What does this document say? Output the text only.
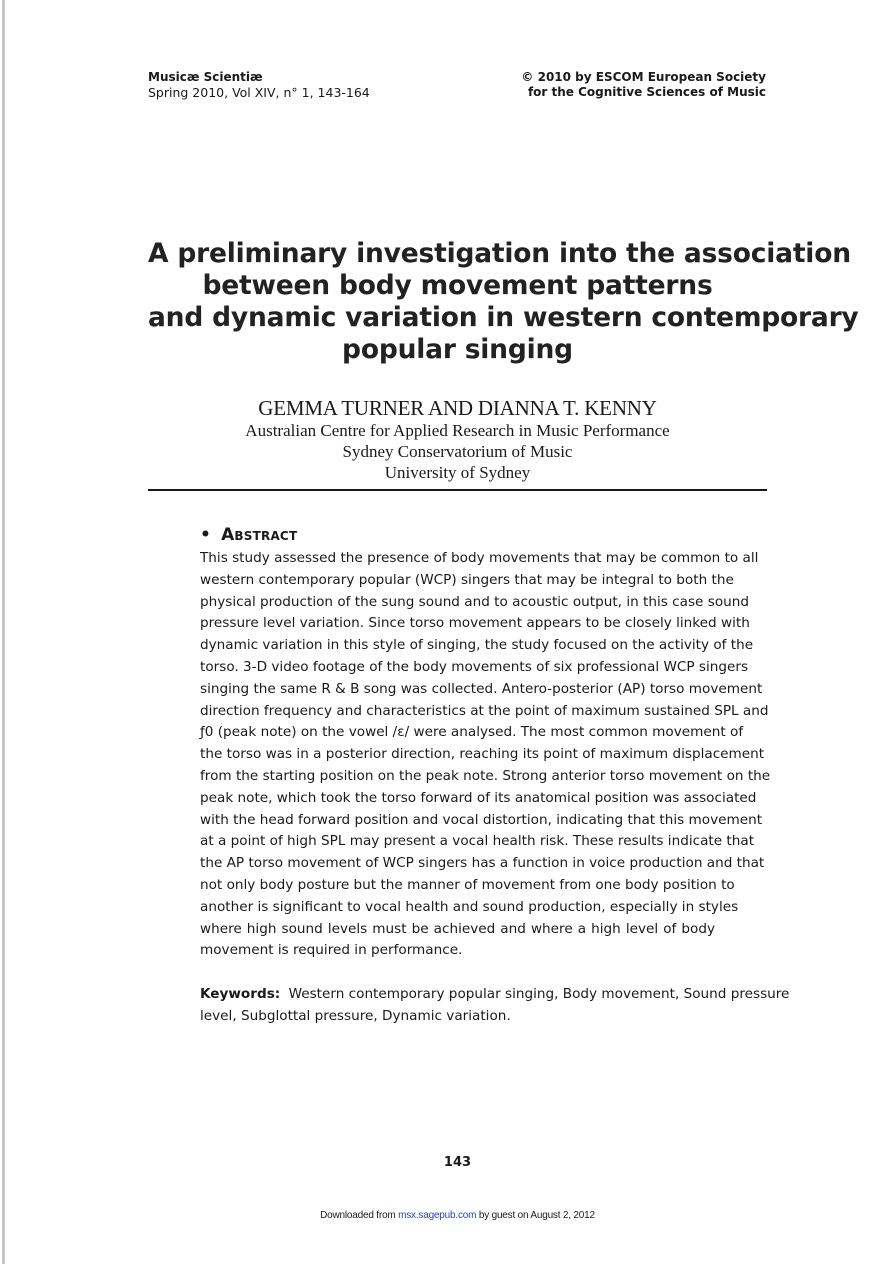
Musicæ Scientiæ
Spring 2010, Vol XIV, n° 1, 143-164
© 2010 by ESCOM European Society
for the Cognitive Sciences of Music
A preliminary investigation into the association
between body movement patterns
and dynamic variation in western contemporary
popular singing
GEMMA TURNER AND DIANNA T. KENNY
Australian Centre for Applied Research in Music Performance
Sydney Conservatorium of Music
University of Sydney
• Abstract
This study assessed the presence of body movements that may be common to all
western contemporary popular (WCP) singers that may be integral to both the
physical production of the sung sound and to acoustic output, in this case sound
pressure level variation. Since torso movement appears to be closely linked with
dynamic variation in this style of singing, the study focused on the activity of the
torso. 3-D video footage of the body movements of six professional WCP singers
singing the same R & B song was collected. Antero-posterior (AP) torso movement
direction frequency and characteristics at the point of maximum sustained SPL and
ƒ0 (peak note) on the vowel /ε/ were analysed. The most common movement of
the torso was in a posterior direction, reaching its point of maximum displacement
from the starting position on the peak note. Strong anterior torso movement on the
peak note, which took the torso forward of its anatomical position was associated
with the head forward position and vocal distortion, indicating that this movement
at a point of high SPL may present a vocal health risk. These results indicate that
the AP torso movement of WCP singers has a function in voice production and that
not only body posture but the manner of movement from one body position to
another is significant to vocal health and sound production, especially in styles
where high sound levels must be achieved and where a high level of body
movement is required in performance.
Keywords: Western contemporary popular singing, Body movement, Sound pressure
level, Subglottal pressure, Dynamic variation.
143
Downloaded from msx.sagepub.com by guest on August 2, 2012
